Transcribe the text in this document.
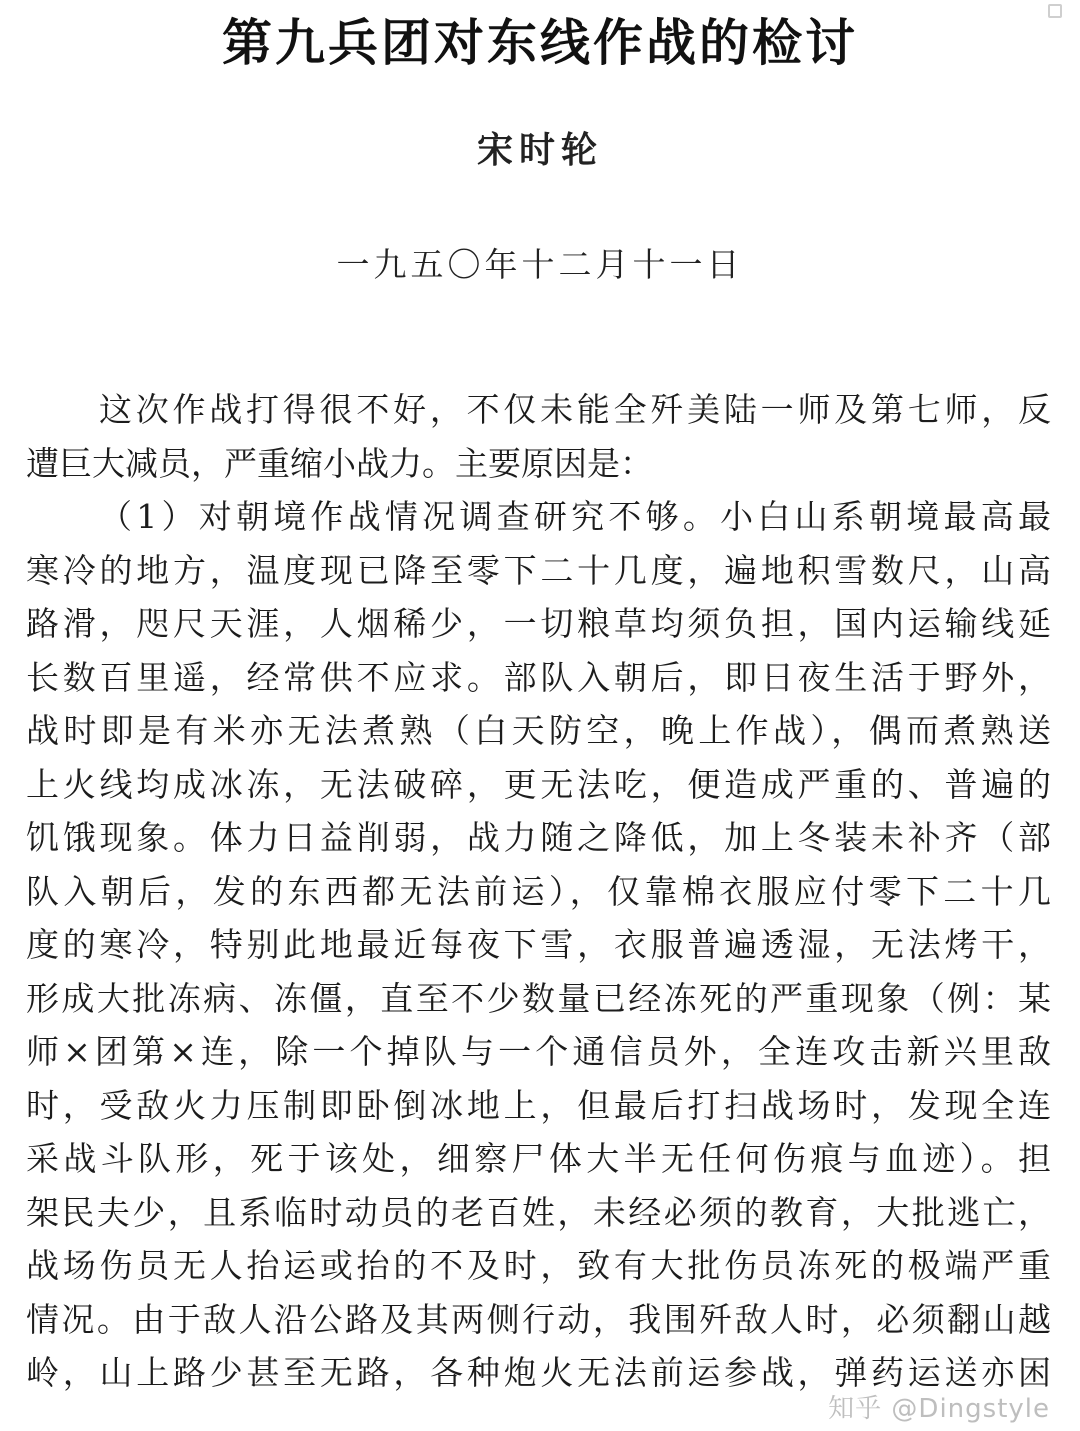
第九兵团对东线作战的检讨
宋时轮
一九五〇年十二月十一日
这次作战打得很不好，不仅未能全歼美陆一师及第七师，反
遭巨大减员，严重缩小战力。主要原因是：
（1）对朝境作战情况调查研究不够。小白山系朝境最高最
寒冷的地方，温度现已降至零下二十几度，遍地积雪数尺，山高
路滑，咫尺天涯，人烟稀少，一切粮草均须负担，国内运输线延
长数百里遥，经常供不应求。部队入朝后，即日夜生活于野外，
战时即是有米亦无法煮熟（白天防空，晚上作战），偶而煮熟送
上火线均成冰冻，无法破碎，更无法吃，便造成严重的、普遍的
饥饿现象。体力日益削弱，战力随之降低，加上冬装未补齐（部
队入朝后，发的东西都无法前运），仅靠棉衣服应付零下二十几
度的寒冷，特别此地最近每夜下雪，衣服普遍透湿，无法烤干，
形成大批冻病、冻僵，直至不少数量已经冻死的严重现象（例：某
师×团第×连，除一个掉队与一个通信员外，全连攻击新兴里敌
时，受敌火力压制即卧倒冰地上，但最后打扫战场时，发现全连
采战斗队形，死于该处，细察尸体大半无任何伤痕与血迹）。担
架民夫少，且系临时动员的老百姓，未经必须的教育，大批逃亡，
战场伤员无人抬运或抬的不及时，致有大批伤员冻死的极端严重
情况。由于敌人沿公路及其两侧行动，我围歼敌人时，必须翻山越
岭，山上路少甚至无路，各种炮火无法前运参战，弹药运送亦困
知乎 @Dingstyle
